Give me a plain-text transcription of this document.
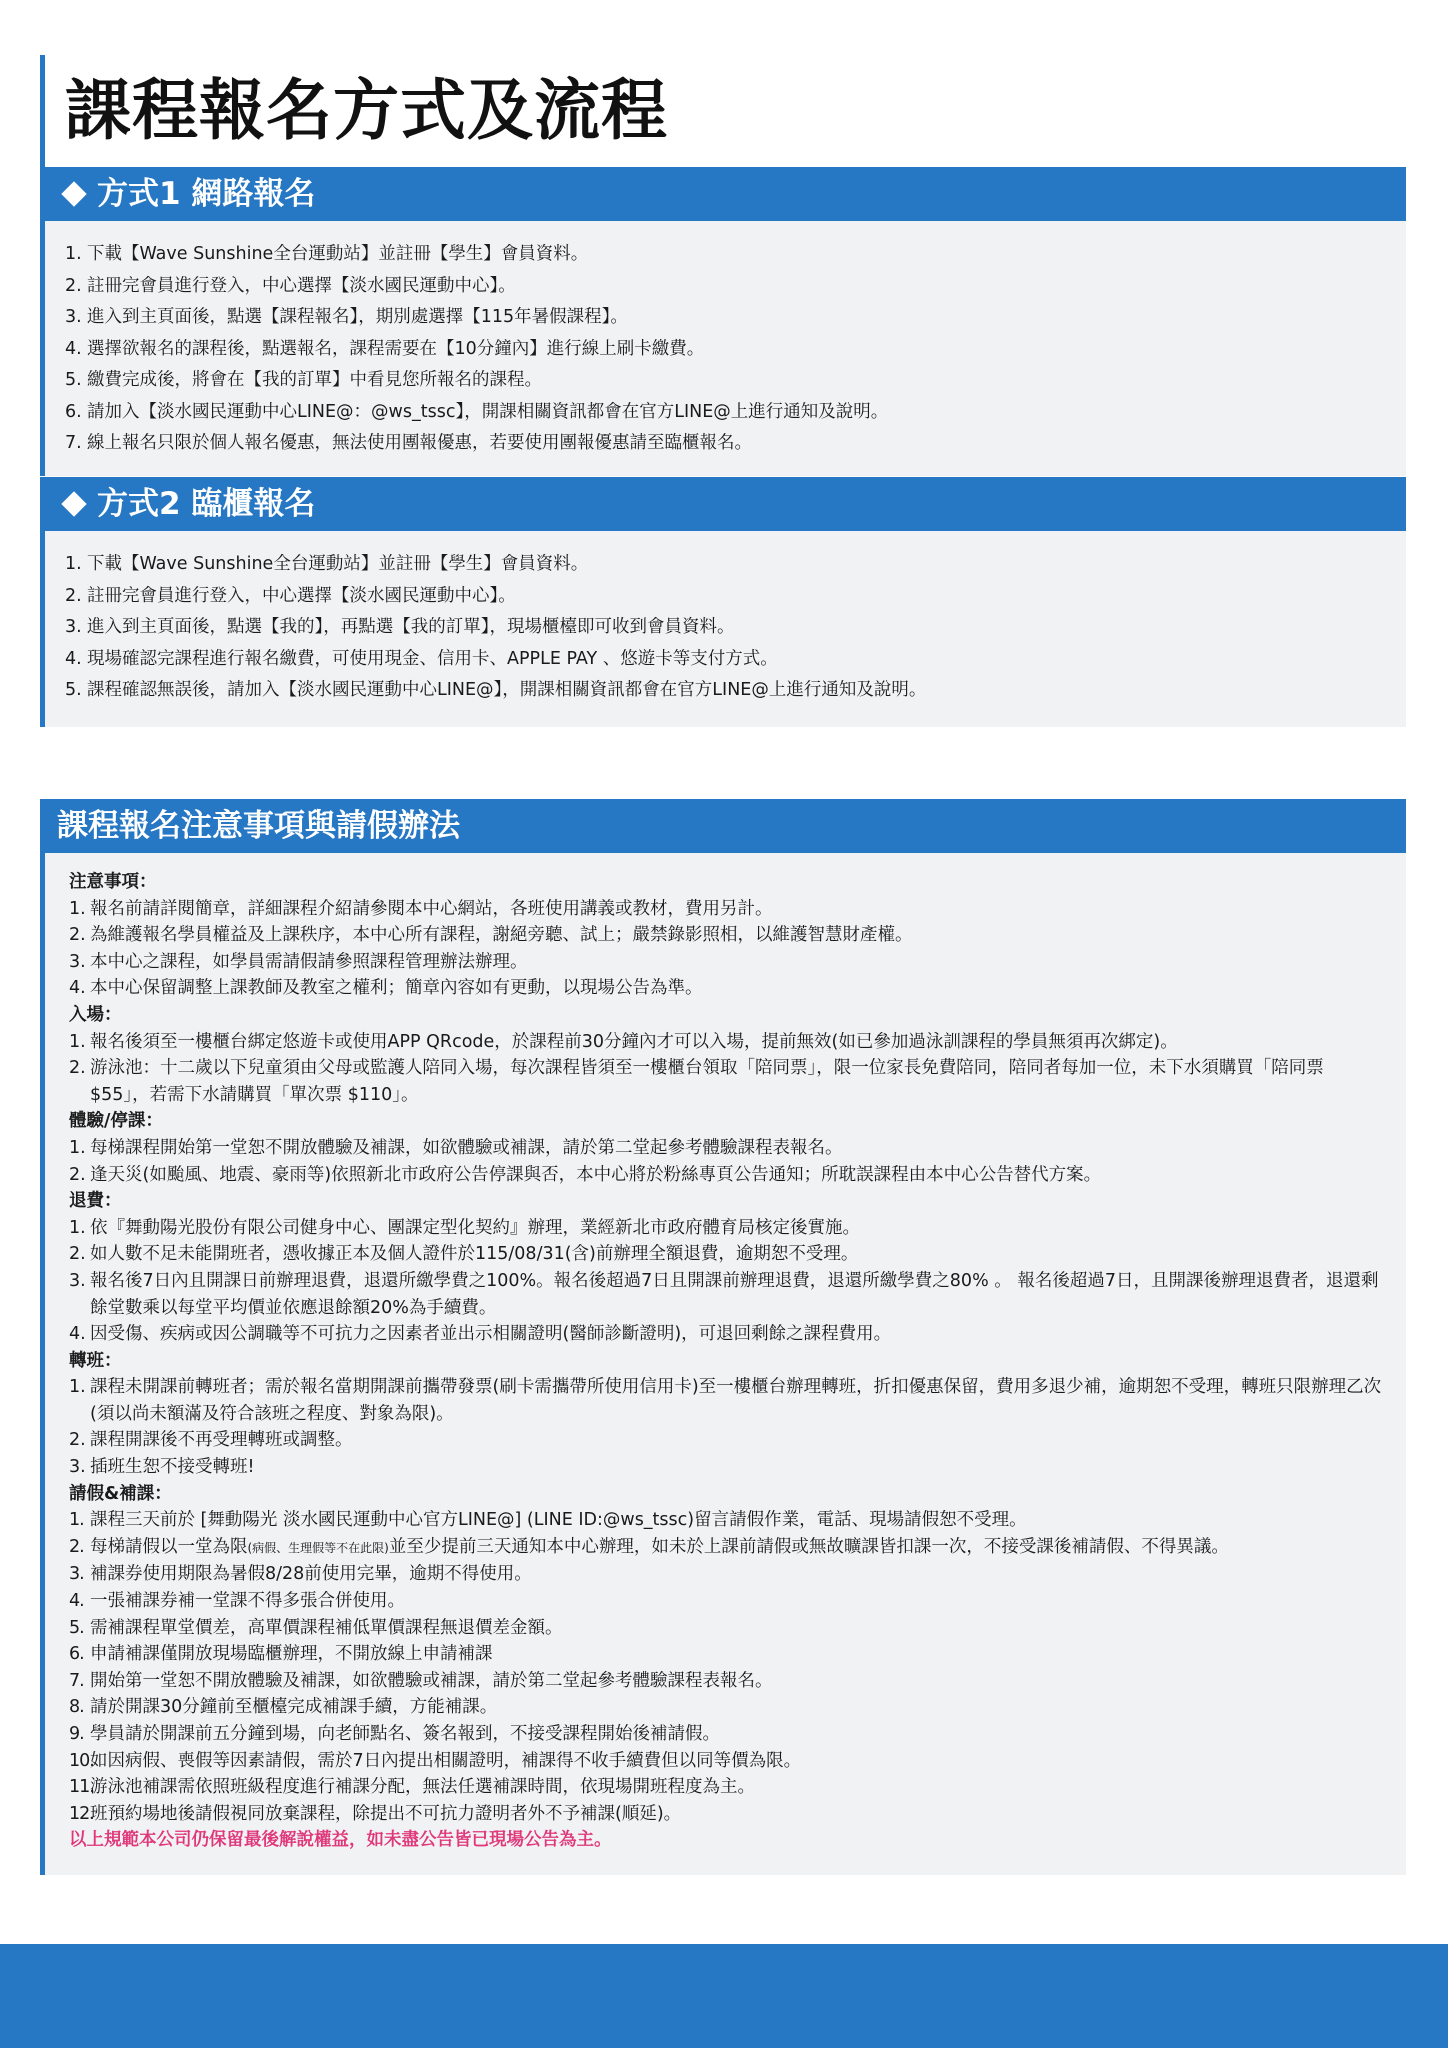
課程報名方式及流程
方式1 網路報名
1. 下載【Wave Sunshine全台運動站】並註冊【學生】會員資料。
2. 註冊完會員進行登入，中心選擇【淡水國民運動中心】。
3. 進入到主頁面後，點選【課程報名】，期別處選擇【115年暑假課程】。
4. 選擇欲報名的課程後，點選報名，課程需要在【10分鐘內】進行線上刷卡繳費。
5. 繳費完成後，將會在【我的訂單】中看見您所報名的課程。
6. 請加入【淡水國民運動中心LINE@：@ws_tssc】，開課相關資訊都會在官方LINE@上進行通知及說明。
7. 線上報名只限於個人報名優惠，無法使用團報優惠，若要使用團報優惠請至臨櫃報名。
方式2 臨櫃報名
1. 下載【Wave Sunshine全台運動站】並註冊【學生】會員資料。
2. 註冊完會員進行登入，中心選擇【淡水國民運動中心】。
3. 進入到主頁面後，點選【我的】，再點選【我的訂單】，現場櫃檯即可收到會員資料。
4. 現場確認完課程進行報名繳費，可使用現金、信用卡、APPLE PAY 、悠遊卡等支付方式。
5. 課程確認無誤後，請加入【淡水國民運動中心LINE@】，開課相關資訊都會在官方LINE@上進行通知及說明。
課程報名注意事項與請假辦法
注意事項：
1. 報名前請詳閱簡章，詳細課程介紹請參閱本中心網站，各班使用講義或教材，費用另計。
2. 為維護報名學員權益及上課秩序，本中心所有課程，謝絕旁聽、試上；嚴禁錄影照相，以維護智慧財產權。
3. 本中心之課程，如學員需請假請參照課程管理辦法辦理。
4. 本中心保留調整上課教師及教室之權利；簡章內容如有更動，以現場公告為準。
入場：
1. 報名後須至一樓櫃台綁定悠遊卡或使用APP QRcode，於課程前30分鐘內才可以入場，提前無效(如已參加過泳訓課程的學員無須再次綁定)。
2. 游泳池：十二歲以下兒童須由父母或監護人陪同入場，每次課程皆須至一樓櫃台領取「陪同票」，限一位家長免費陪同，陪同者每加一位，未下水須購買「陪同票$55」，若需下水請購買「單次票 $110」。
體驗/停課：
1. 每梯課程開始第一堂恕不開放體驗及補課，如欲體驗或補課，請於第二堂起參考體驗課程表報名。
2. 逢天災(如颱風、地震、豪雨等)依照新北市政府公告停課與否，本中心將於粉絲專頁公告通知；所耽誤課程由本中心公告替代方案。
退費：
1. 依『舞動陽光股份有限公司健身中心、團課定型化契約』辦理，業經新北市政府體育局核定後實施。
2. 如人數不足未能開班者，憑收據正本及個人證件於115/08/31(含)前辦理全額退費，逾期恕不受理。
3. 報名後7日內且開課日前辦理退費，退還所繳學費之100%。報名後超過7日且開課前辦理退費，退還所繳學費之80% 。 報名後超過7日，且開課後辦理退費者，退還剩餘堂數乘以每堂平均價並依應退餘額20%為手續費。
4. 因受傷、疾病或因公調職等不可抗力之因素者並出示相關證明(醫師診斷證明)，可退回剩餘之課程費用。
轉班：
1. 課程未開課前轉班者；需於報名當期開課前攜帶發票(刷卡需攜帶所使用信用卡)至一樓櫃台辦理轉班，折扣優惠保留，費用多退少補，逾期恕不受理，轉班只限辦理乙次(須以尚未額滿及符合該班之程度、對象為限)。
2. 課程開課後不再受理轉班或調整。
3. 插班生恕不接受轉班!
請假&補課：
1. 課程三天前於 [舞動陽光 淡水國民運動中心官方LINE@] (LINE ID:@ws_tssc)留言請假作業，電話、現場請假恕不受理。
2. 每梯請假以一堂為限(病假、生理假等不在此限)並至少提前三天通知本中心辦理，如未於上課前請假或無故曠課皆扣課一次，不接受課後補請假、不得異議。
3. 補課券使用期限為暑假8/28前使用完畢，逾期不得使用。
4. 一張補課券補一堂課不得多張合併使用。
5. 需補課程單堂價差，高單價課程補低單價課程無退價差金額。
6. 申請補課僅開放現場臨櫃辦理，不開放線上申請補課
7. 開始第一堂恕不開放體驗及補課，如欲體驗或補課，請於第二堂起參考體驗課程表報名。
8. 請於開課30分鐘前至櫃檯完成補課手續，方能補課。
9. 學員請於開課前五分鐘到場，向老師點名、簽名報到，不接受課程開始後補請假。
10.
如因病假、喪假等因素請假，需於7日內提出相關證明，補課得不收手續費但以同等價為限。
11.
游泳池補課需依照班級程度進行補課分配，無法任選補課時間，依現場開班程度為主。
12.
班預約場地後請假視同放棄課程，除提出不可抗力證明者外不予補課(順延)。
以上規範本公司仍保留最後解說權益，如未盡公告皆已現場公告為主。
